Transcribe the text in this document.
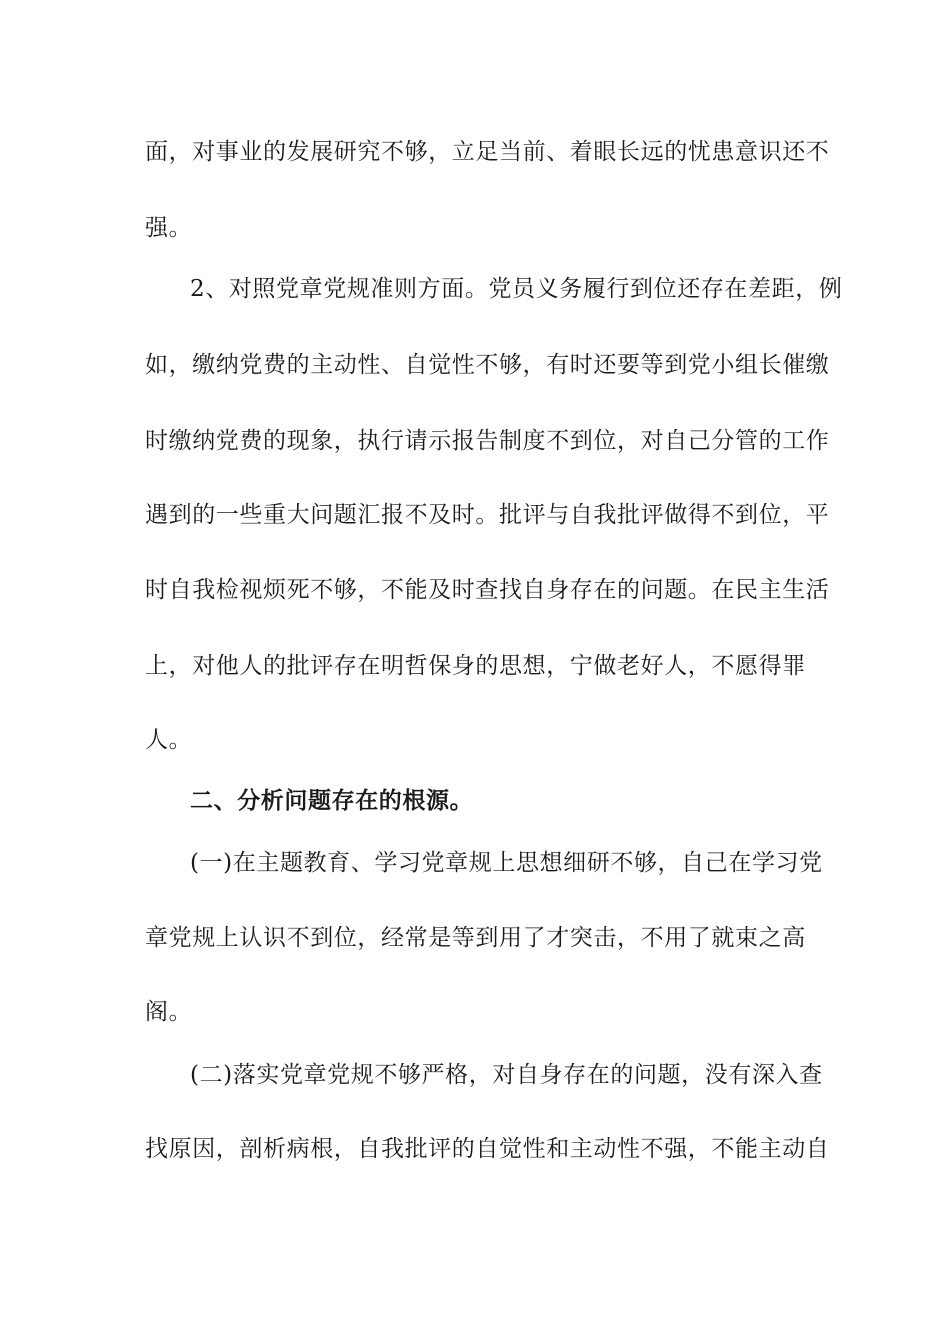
面，对事业的发展研究不够，立足当前、着眼长远的忧患意识还不
强。
2、对照党章党规准则方面。党员义务履行到位还存在差距，例
如，缴纳党费的主动性、自觉性不够，有时还要等到党小组长催缴
时缴纳党费的现象，执行请示报告制度不到位，对自己分管的工作
遇到的一些重大问题汇报不及时。批评与自我批评做得不到位，平
时自我检视烦死不够，不能及时查找自身存在的问题。在民主生活
上，对他人的批评存在明哲保身的思想，宁做老好人，不愿得罪
人。
二、分析问题存在的根源。
(一)在主题教育、学习党章规上思想细研不够，自己在学习党
章党规上认识不到位，经常是等到用了才突击，不用了就束之高
阁。
(二)落实党章党规不够严格，对自身存在的问题，没有深入查
找原因，剖析病根，自我批评的自觉性和主动性不强，不能主动自
